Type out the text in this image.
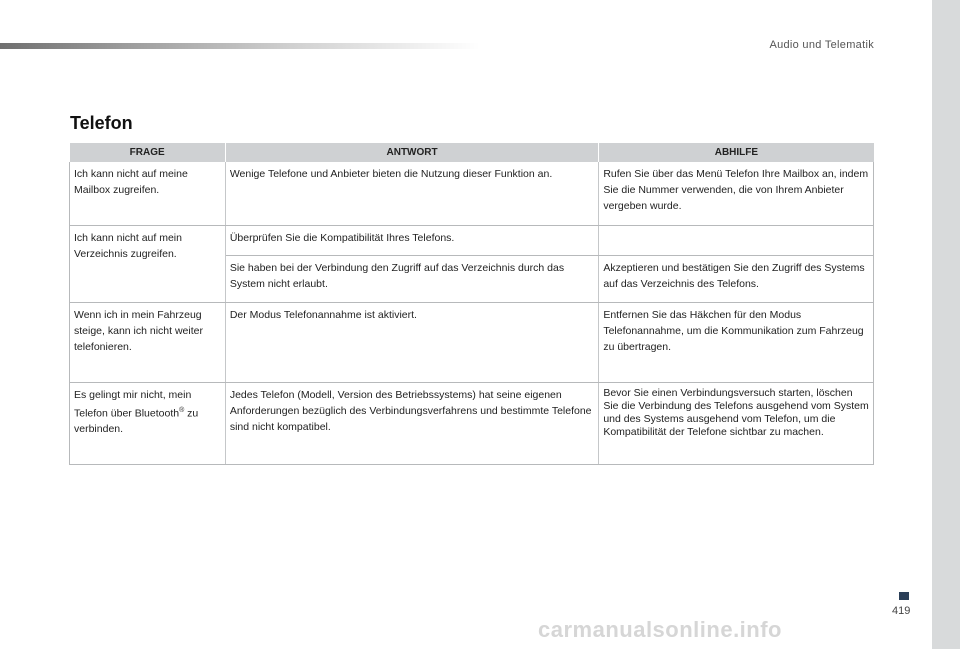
Audio und Telematik
Telefon
FRAGE	ANTWORT	ABHILFE
Ich kann nicht auf meine Mailbox zugreifen.	Wenige Telefone und Anbieter bieten die Nutzung dieser Funktion an.	Rufen Sie über das Menü Telefon Ihre Mailbox an, indem Sie die Nummer verwenden, die von Ihrem Anbieter vergeben wurde.
Ich kann nicht auf mein Verzeichnis zugreifen.	Überprüfen Sie die Kompatibilität Ihres Telefons.	
	Sie haben bei der Verbindung den Zugriff auf das Verzeichnis durch das System nicht erlaubt.	Akzeptieren und bestätigen Sie den Zugriff des Systems auf das Verzeichnis des Telefons.
Wenn ich in mein Fahrzeug steige, kann ich nicht weiter telefonieren.	Der Modus Telefonannahme ist aktiviert.	Entfernen Sie das Häkchen für den Modus Telefonannahme, um die Kommunikation zum Fahrzeug zu übertragen.
Es gelingt mir nicht, mein Telefon über Bluetooth® zu verbinden.	Jedes Telefon (Modell, Version des Betriebssystems) hat seine eigenen Anforderungen bezüglich des Verbindungsverfahrens und bestimmte Telefone sind nicht kompatibel.	Bevor Sie einen Verbindungsversuch starten, löschen Sie die Verbindung des Telefons ausgehend vom System und des Systems ausgehend vom Telefon, um die Kompatibilität der Telefone sichtbar zu machen.
419
carmanualsonline.info
